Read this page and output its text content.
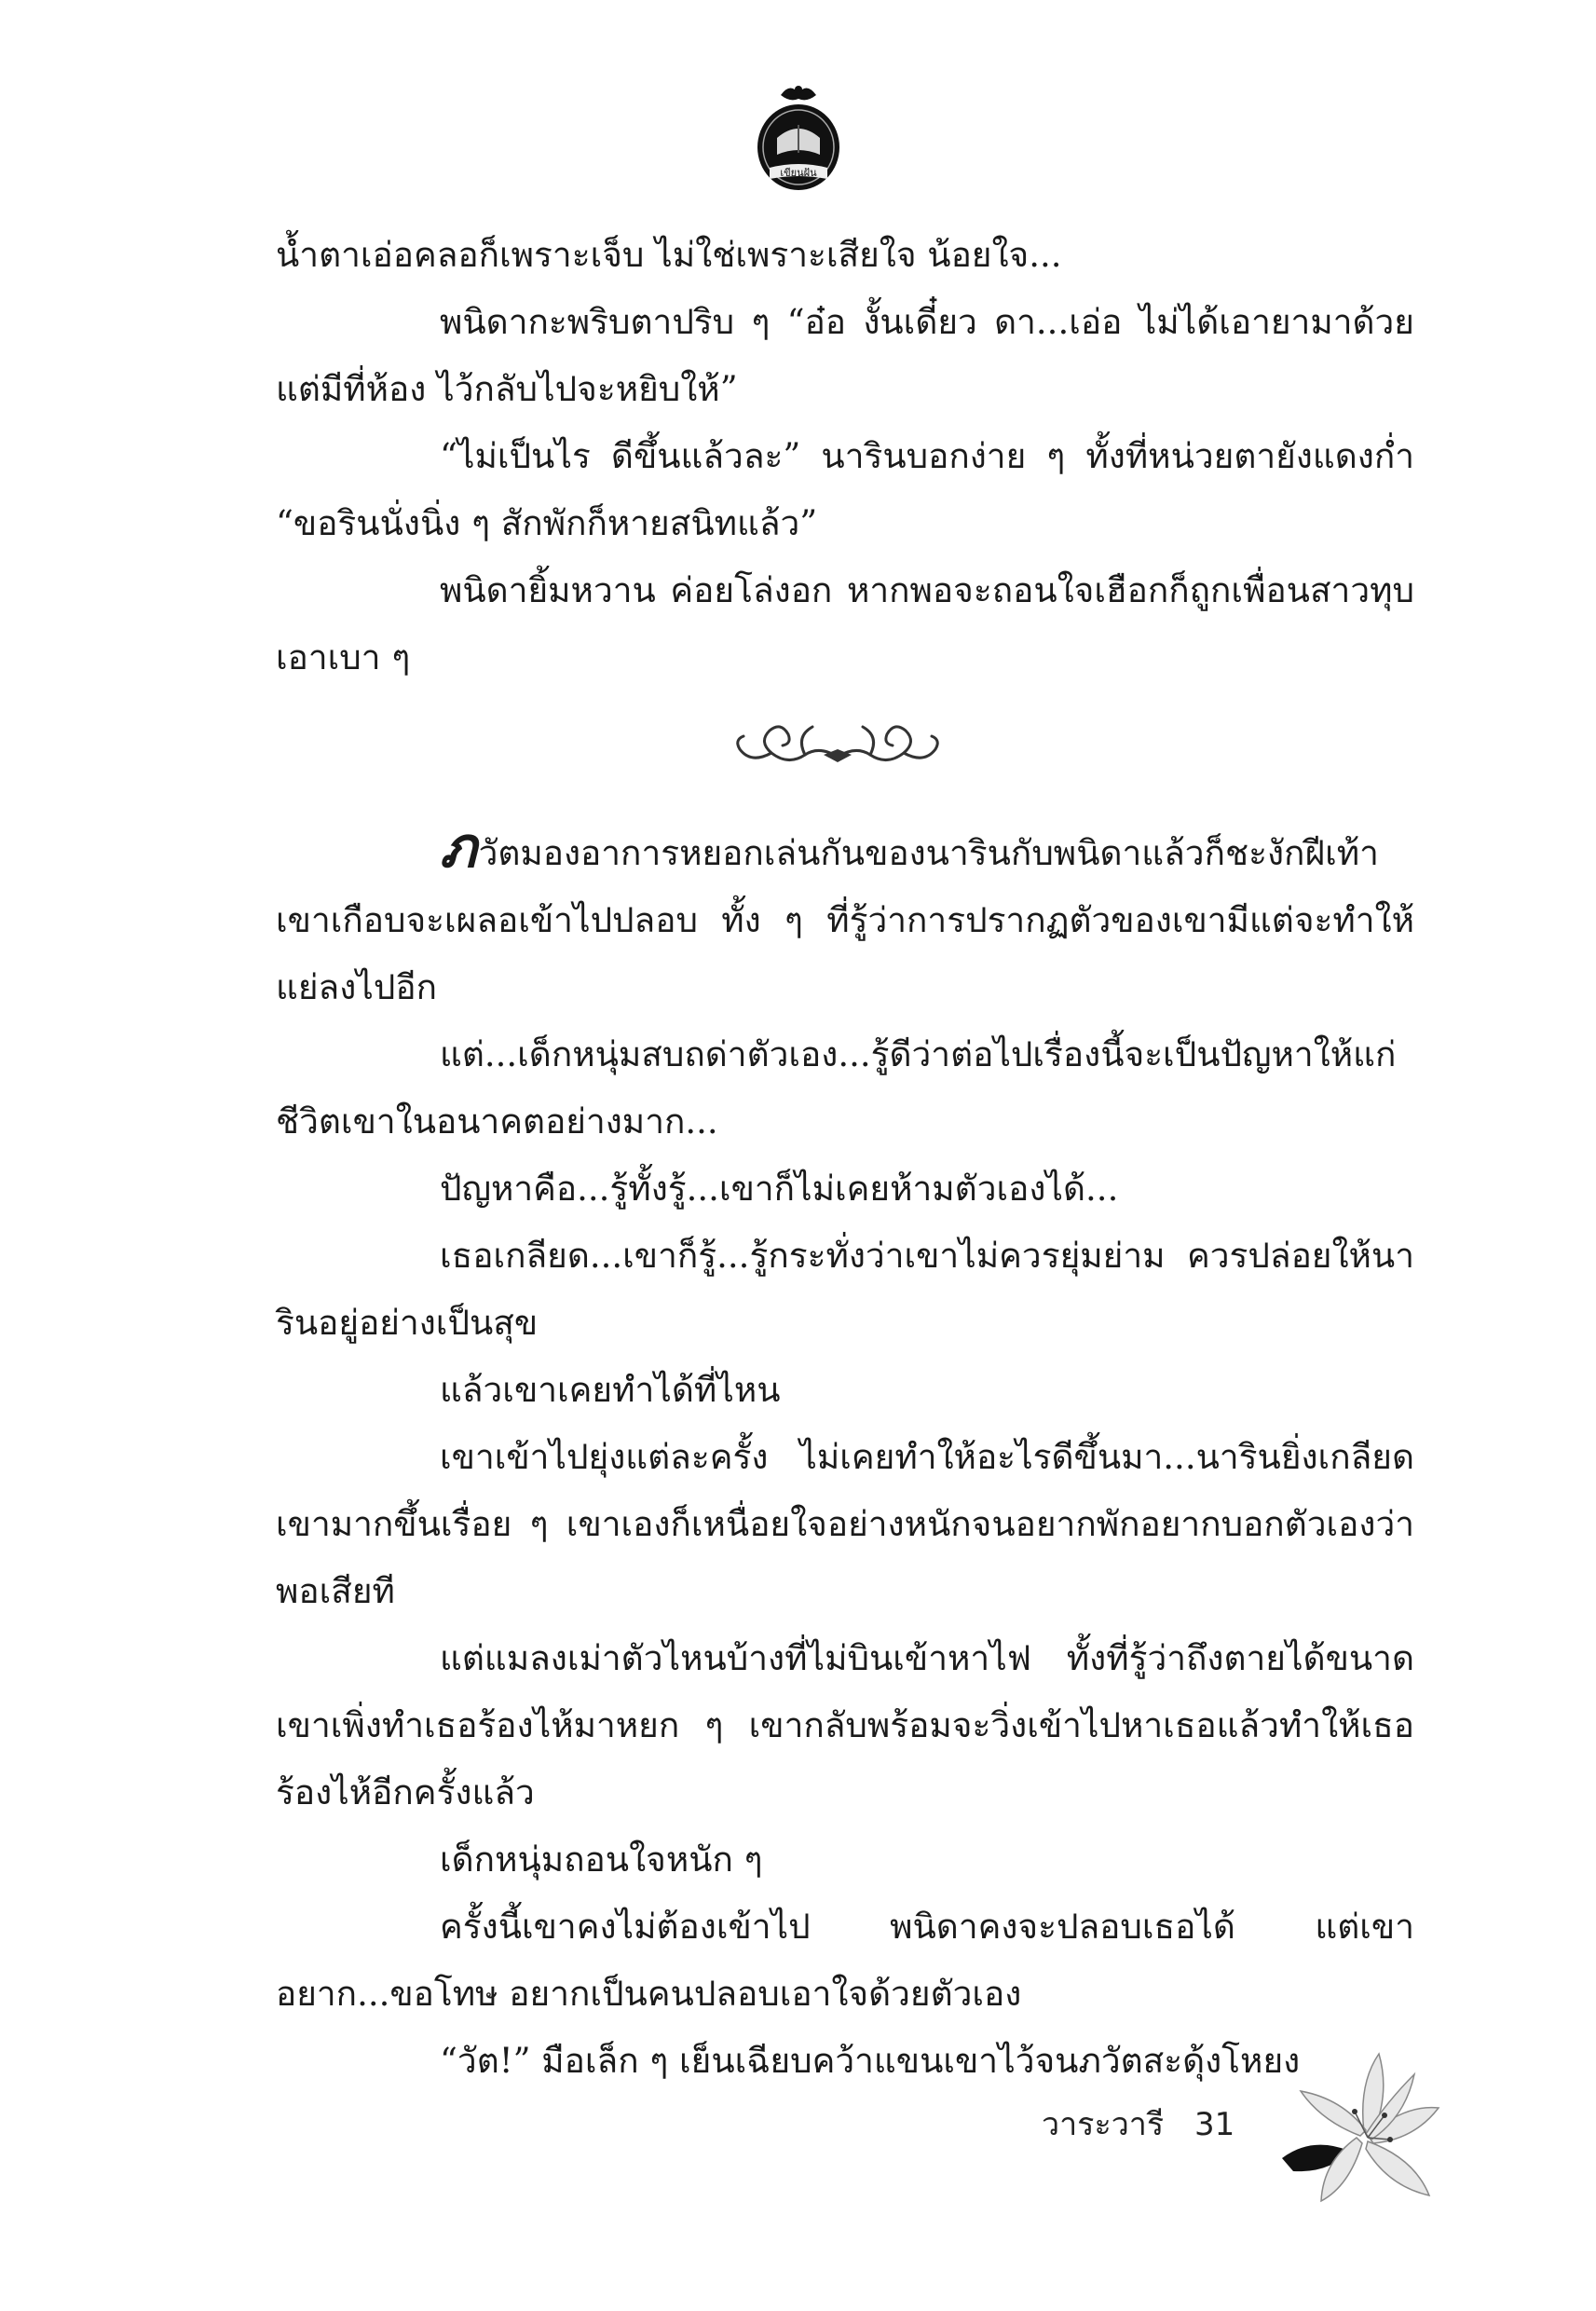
เขียนฝัน

น้ำตาเอ่อคลอก็เพราะเจ็บ ไม่ใช่เพราะเสียใจ น้อยใจ...

พนิดากะพริบตาปริบ ๆ “อ๋อ งั้นเดี๋ยว ดา...เอ่อ ไม่ได้เอายามาด้วย แต่มีที่ห้อง ไว้กลับไปจะหยิบให้”

“ไม่เป็นไร ดีขึ้นแล้วละ” นารินบอกง่าย ๆ ทั้งที่หน่วยตายังแดงก่ำ “ขอรินนั่งนิ่ง ๆ สักพักก็หายสนิทแล้ว”

พนิดายิ้มหวาน ค่อยโล่งอก หากพอจะถอนใจเฮือกก็ถูกเพื่อนสาวทุบเอาเบา ๆ

ภวัตมองอาการหยอกเล่นกันของนารินกับพนิดาแล้วก็ชะงักฝีเท้า เขาเกือบจะเผลอเข้าไปปลอบ ทั้ง ๆ ที่รู้ว่าการปรากฏตัวของเขามีแต่จะทำให้แย่ลงไปอีก

แต่...เด็กหนุ่มสบถด่าตัวเอง...รู้ดีว่าต่อไปเรื่องนี้จะเป็นปัญหาให้แก่ชีวิตเขาในอนาคตอย่างมาก...

ปัญหาคือ...รู้ทั้งรู้...เขาก็ไม่เคยห้ามตัวเองได้...

เธอเกลียด...เขาก็รู้...รู้กระทั่งว่าเขาไม่ควรยุ่มย่าม ควรปล่อยให้นารินอยู่อย่างเป็นสุข

แล้วเขาเคยทำได้ที่ไหน

เขาเข้าไปยุ่งแต่ละครั้ง ไม่เคยทำให้อะไรดีขึ้นมา...นารินยิ่งเกลียดเขามากขึ้นเรื่อย ๆ เขาเองก็เหนื่อยใจอย่างหนักจนอยากพักอยากบอกตัวเองว่าพอเสียที

แต่แมลงเม่าตัวไหนบ้างที่ไม่บินเข้าหาไฟ ทั้งที่รู้ว่าถึงตายได้ขนาดเขาเพิ่งทำเธอร้องไห้มาหยก ๆ เขากลับพร้อมจะวิ่งเข้าไปหาเธอแล้วทำให้เธอร้องไห้อีกครั้งแล้ว

เด็กหนุ่มถอนใจหนัก ๆ

ครั้งนี้เขาคงไม่ต้องเข้าไป พนิดาคงจะปลอบเธอได้ แต่เขาอยาก...ขอโทษ อยากเป็นคนปลอบเอาใจด้วยตัวเอง

“วัต!” มือเล็ก ๆ เย็นเฉียบคว้าแขนเขาไว้จนภวัตสะดุ้งโหยง

วาระวารี 31
